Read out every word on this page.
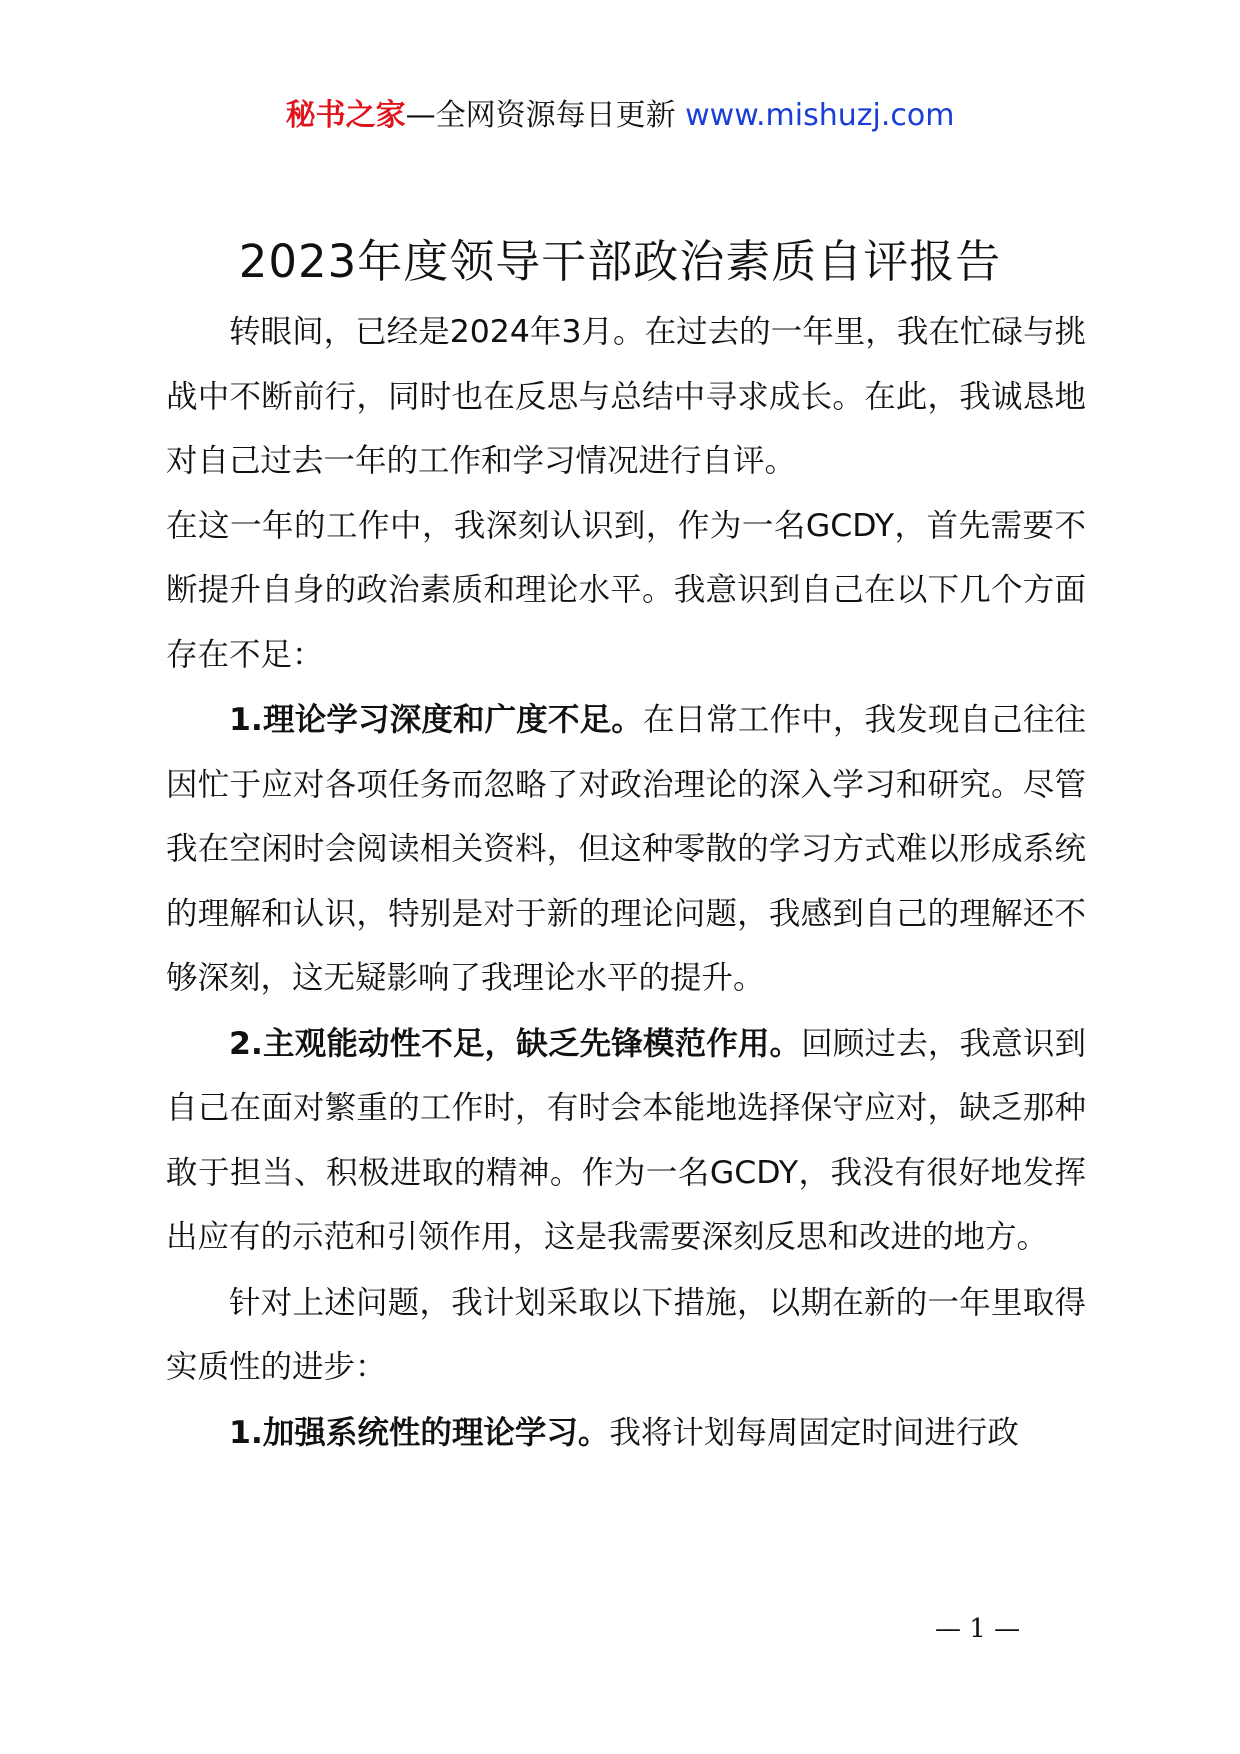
秘书之家—全网资源每日更新 www.mishuzj.com
2023年度领导干部政治素质自评报告

转眼间，已经是2024年3月。在过去的一年里，我在忙碌与挑战中不断前行，同时也在反思与总结中寻求成长。在此，我诚恳地对自己过去一年的工作和学习情况进行自评。

在这一年的工作中，我深刻认识到，作为一名GCDY，首先需要不断提升自身的政治素质和理论水平。我意识到自己在以下几个方面存在不足：

1.理论学习深度和广度不足。在日常工作中，我发现自己往往因忙于应对各项任务而忽略了对政治理论的深入学习和研究。尽管我在空闲时会阅读相关资料，但这种零散的学习方式难以形成系统的理解和认识，特别是对于新的理论问题，我感到自己的理解还不够深刻，这无疑影响了我理论水平的提升。

2.主观能动性不足，缺乏先锋模范作用。回顾过去，我意识到自己在面对繁重的工作时，有时会本能地选择保守应对，缺乏那种敢于担当、积极进取的精神。作为一名GCDY，我没有很好地发挥出应有的示范和引领作用，这是我需要深刻反思和改进的地方。

针对上述问题，我计划采取以下措施，以期在新的一年里取得实质性的进步：

1.加强系统性的理论学习。我将计划每周固定时间进行政

— 1 —
